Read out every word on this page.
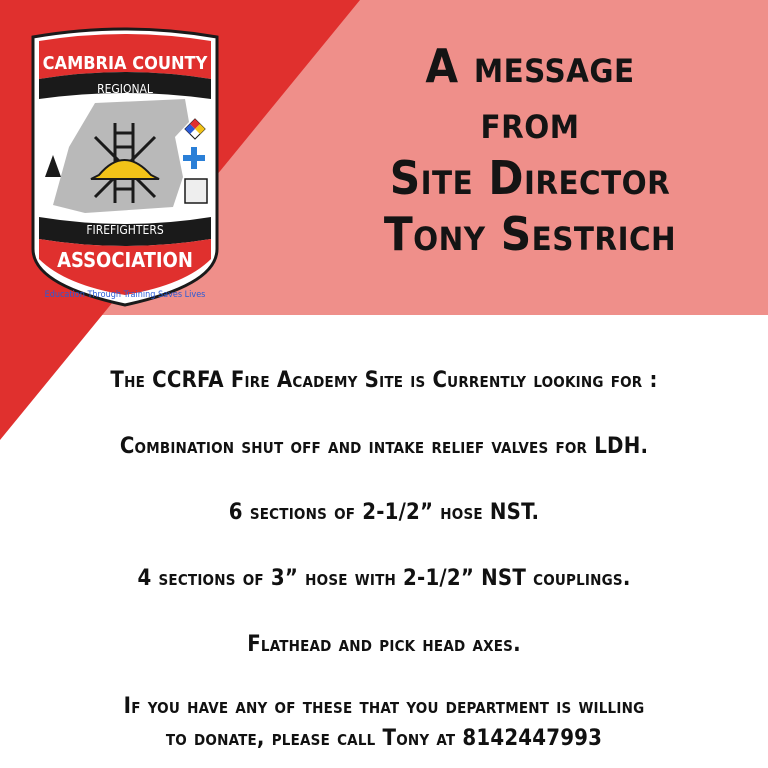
CAMBRIA COUNTY
REGIONAL
FIREFIGHTERS
ASSOCIATION
Education Through Training Saves Lives
A message
from
Site Director
Tony Sestrich
The CCRFA Fire Academy Site is Currently looking for :
Combination shut off and intake relief valves for LDH.
6 sections of 2-1/2” hose NST.
4 sections of 3” hose with 2-1/2” NST couplings.
Flathead and pick head axes.
If you have any of these that you department is willing
to donate, please call Tony at 8142447993
